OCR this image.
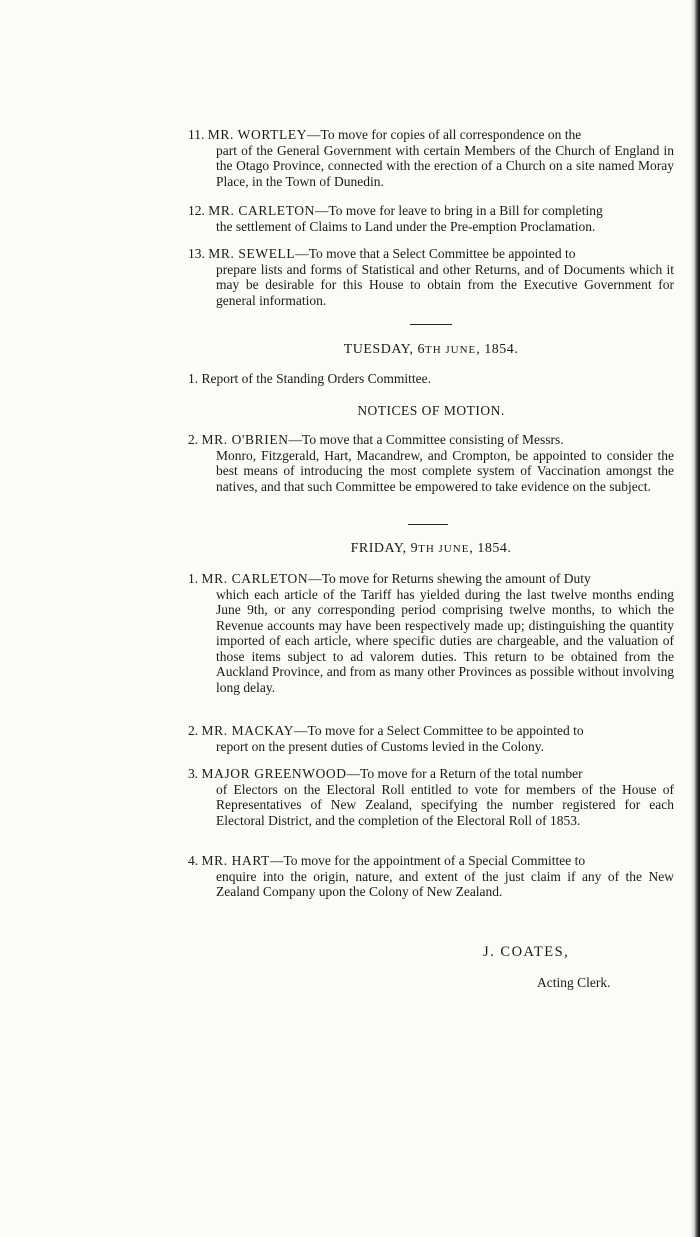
11. MR. WORTLEY—To move for copies of all correspondence on the

part of the General Government with certain Members of the Church of England in the Otago Province, connected with the erection of a Church on a site named Moray Place, in the Town of Dunedin.

12. MR. CARLETON—To move for leave to bring in a Bill for completing

the settlement of Claims to Land under the Pre-emption Proclamation.

13. MR. SEWELL—To move that a Select Committee be appointed to

prepare lists and forms of Statistical and other Returns, and of Documents which it may be desirable for this House to obtain from the Executive Government for general information.

TUESDAY, 6TH JUNE, 1854.
1. Report of the Standing Orders Committee.
NOTICES OF MOTION.

2. MR. O'BRIEN—To move that a Committee consisting of Messrs.

Monro, Fitzgerald, Hart, Macandrew, and Crompton, be appointed to consider the best means of introducing the most complete system of Vaccination amongst the natives, and that such Committee be empowered to take evidence on the subject.

FRIDAY, 9TH JUNE, 1854.

1. MR. CARLETON—To move for Returns shewing the amount of Duty

which each article of the Tariff has yielded during the last twelve months ending June 9th, or any corresponding period comprising twelve months, to which the Revenue accounts may have been respectively made up; distinguishing the quantity imported of each article, where specific duties are chargeable, and the valuation of those items subject to ad valorem duties. This return to be obtained from the Auckland Province, and from as many other Provinces as possible without involving long delay.

2. MR. MACKAY—To move for a Select Committee to be appointed to

report on the present duties of Customs levied in the Colony.

3. MAJOR GREENWOOD—To move for a Return of the total number

of Electors on the Electoral Roll entitled to vote for members of the House of Representatives of New Zealand, specifying the number registered for each Electoral District, and the completion of the Electoral Roll of 1853.

4. MR. HART—To move for the appointment of a Special Committee to

enquire into the origin, nature, and extent of the just claim if any of the New Zealand Company upon the Colony of New Zealand.

J. COATES,
Acting Clerk.
